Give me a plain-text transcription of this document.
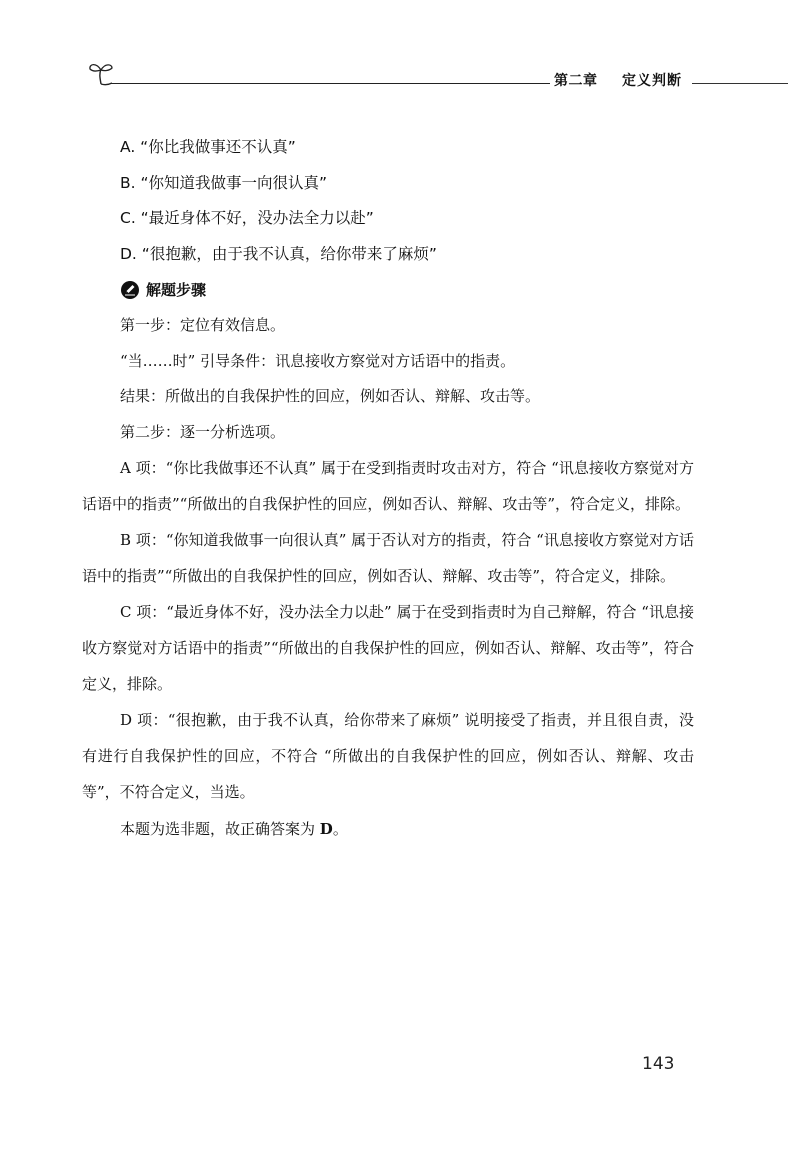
第二章 定义判断
A. “你比我做事还不认真”
B. “你知道我做事一向很认真”
C. “最近身体不好，没办法全力以赴”
D. “很抱歉，由于我不认真，给你带来了麻烦”
解题步骤
第一步：定位有效信息。
“当……时” 引导条件：讯息接收方察觉对方话语中的指责。
结果：所做出的自我保护性的回应，例如否认、辩解、攻击等。
第二步：逐一分析选项。

A 项：“你比我做事还不认真” 属于在受到指责时攻击对方，符合 “讯息接收方察觉对方话语中的指责”“所做出的自我保护性的回应，例如否认、辩解、攻击等”，符合定义，排除。

B 项：“你知道我做事一向很认真” 属于否认对方的指责，符合 “讯息接收方察觉对方话语中的指责”“所做出的自我保护性的回应，例如否认、辩解、攻击等”，符合定义，排除。

C 项：“最近身体不好，没办法全力以赴” 属于在受到指责时为自己辩解，符合 “讯息接收方察觉对方话语中的指责”“所做出的自我保护性的回应，例如否认、辩解、攻击等”，符合定义，排除。

D 项：“很抱歉，由于我不认真，给你带来了麻烦” 说明接受了指责，并且很自责，没有进行自我保护性的回应，不符合 “所做出的自我保护性的回应，例如否认、辩解、攻击等”，不符合定义，当选。

本题为选非题，故正确答案为 D。
143
